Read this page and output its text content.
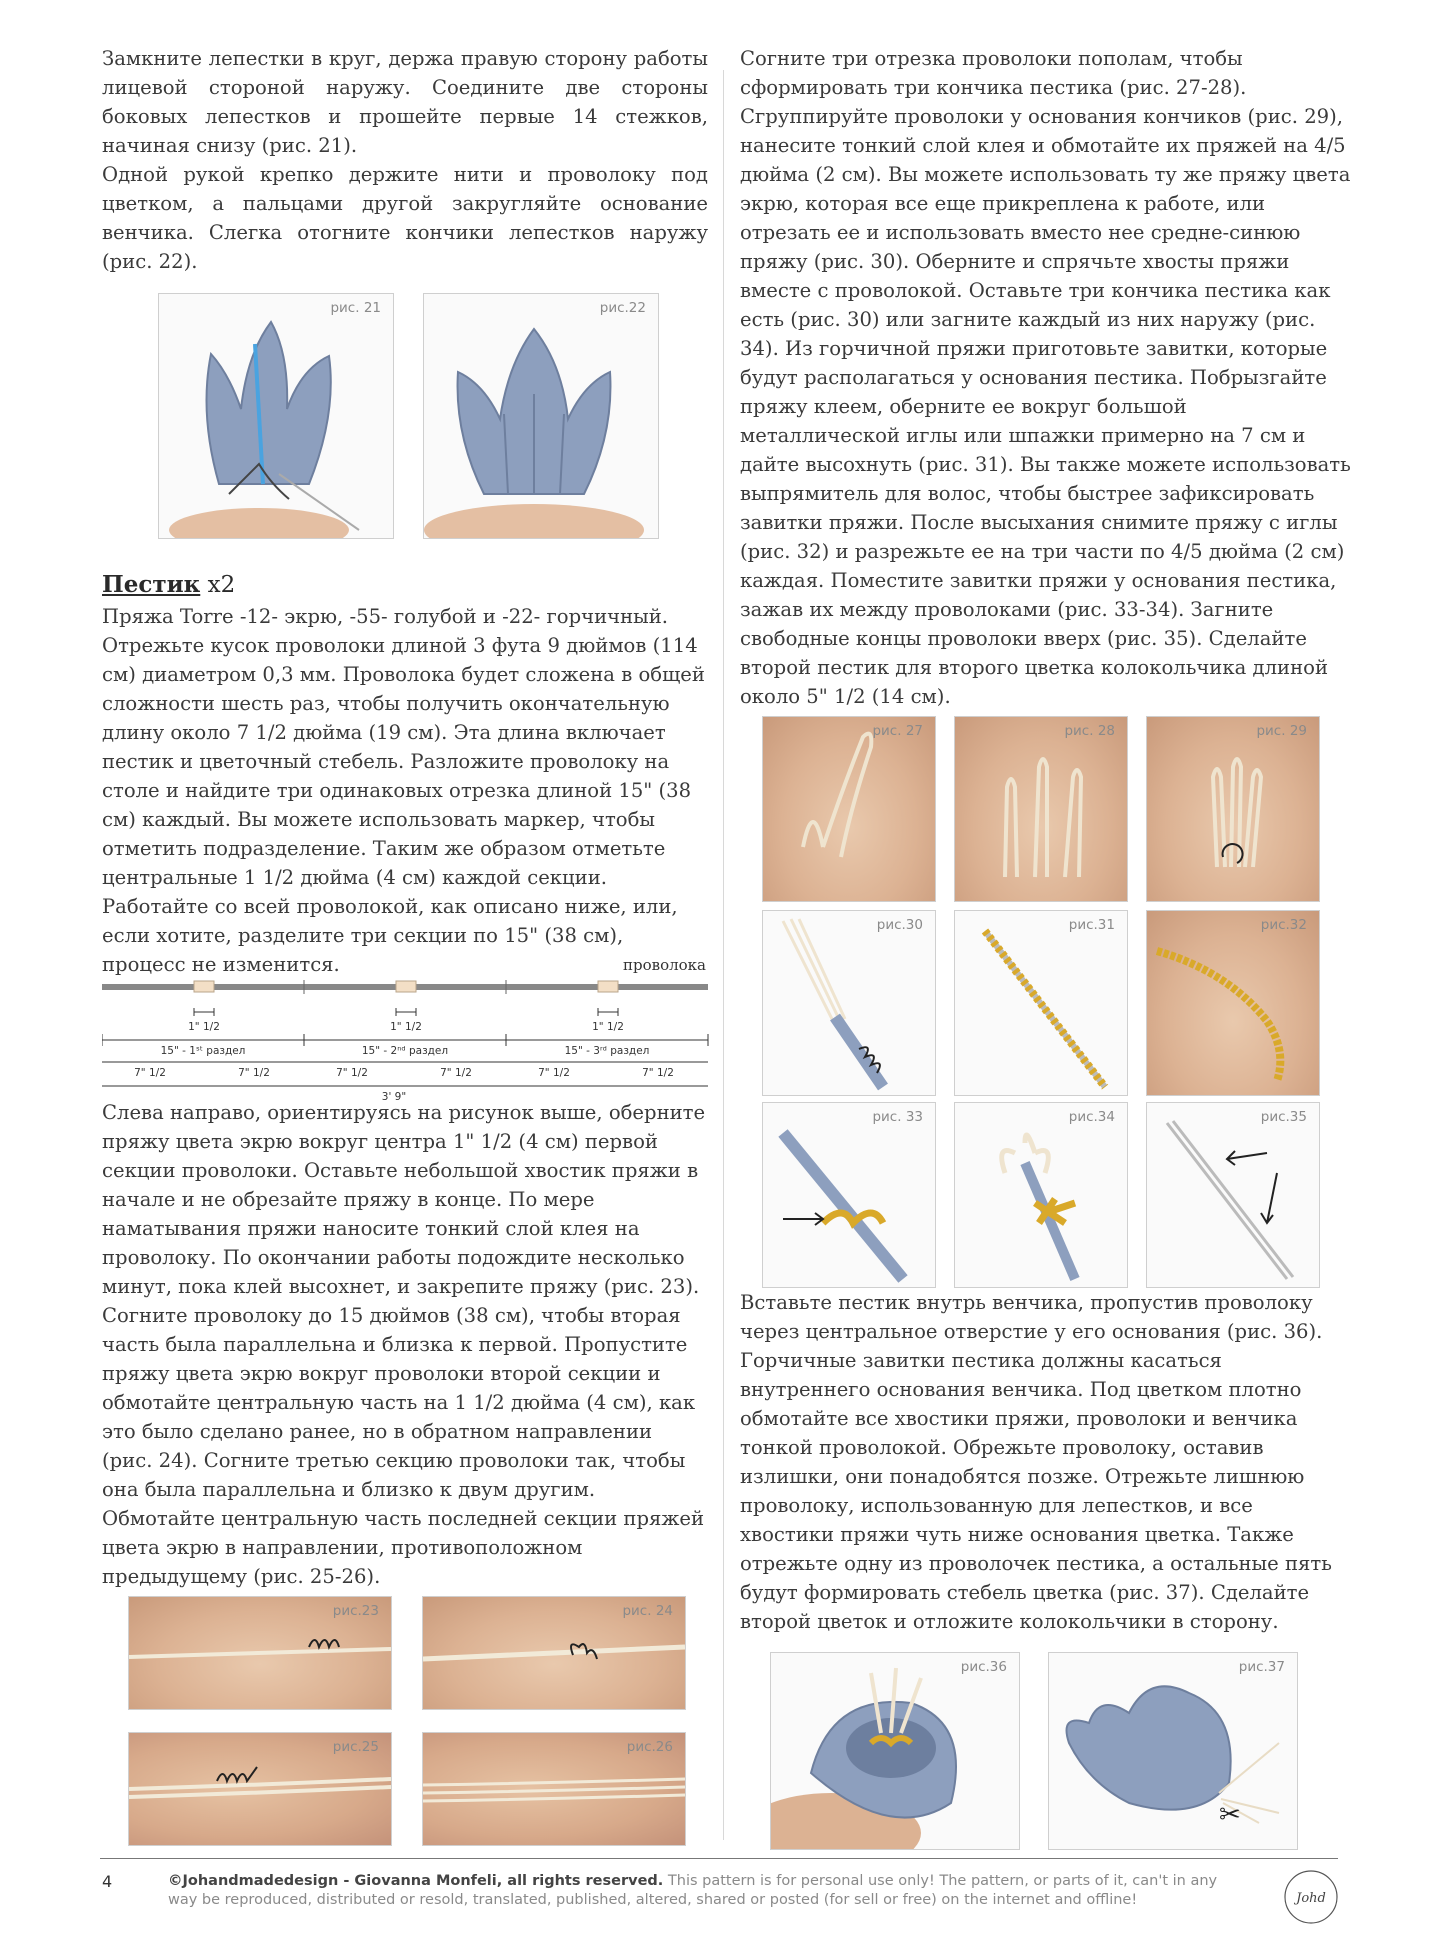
Замкните лепестки в круг, держа правую сторону работы лицевой стороной наружу. Соедините две стороны боковых лепестков и прошейте первые 14 стежков, начиная снизу (рис. 21).

Одной рукой крепко держите нити и проволоку под цветком, а пальцами другой закругляйте основание венчика. Слегка отогните кончики лепестков наружу (рис. 22).

рис. 21	рис.22
Пестик х2

Пряжа Torre -12- экрю, -55- голубой и -22- горчичный. Отрежьте кусок проволоки длиной 3 фута 9 дюймов (114 см) диаметром 0,3 мм. Проволока будет сложена в общей сложности шесть раз, чтобы получить окончательную длину около 7 1/2 дюйма (19 см). Эта длина включает пестик и цветочный стебель. Разложите проволоку на столе и найдите три одинаковых отрезка длиной 15" (38 см) каждый. Вы можете использовать маркер, чтобы отметить подразделение. Таким же образом отметьте центральные 1 1/2 дюйма (4 см) каждой секции. Работайте со всей проволокой, как описано ниже, или, если хотите, разделите три секции по 15" (38 см), процесс не изменится.	проволока
1" 1/2	1" 1/2	1" 1/2
15" - 1ˢᵗ раздел	15" - 2ⁿᵈ раздел	15" - 3ʳᵈ раздел
7" 1/2	7" 1/2	7" 1/2	7" 1/2	7" 1/2	7" 1/2
3' 9"

Слева направо, ориентируясь на рисунок выше, оберните пряжу цвета экрю вокруг центра 1" 1/2 (4 см) первой секции проволоки. Оставьте небольшой хвостик пряжи в начале и не обрезайте пряжу в конце. По мере наматывания пряжи наносите тонкий слой клея на проволоку. По окончании работы подождите несколько минут, пока клей высохнет, и закрепите пряжу (рис. 23). Согните проволоку до 15 дюймов (38 см), чтобы вторая часть была параллельна и близка к первой. Пропустите пряжу цвета экрю вокруг проволоки второй секции и обмотайте центральную часть на 1 1/2 дюйма (4 см), как это было сделано ранее, но в обратном направлении (рис. 24). Согните третью секцию проволоки так, чтобы она была параллельна и близко к двум другим. Обмотайте центральную часть последней секции пряжей цвета экрю в направлении, противоположном предыдущему (рис. 25-26).

рис.23	рис. 24
рис.25	рис.26

Согните три отрезка проволоки пополам, чтобы сформировать три кончика пестика (рис. 27-28). Сгруппируйте проволоки у основания кончиков (рис. 29), нанесите тонкий слой клея и обмотайте их пряжей на 4/5 дюйма (2 см). Вы можете использовать ту же пряжу цвета экрю, которая все еще прикреплена к работе, или отрезать ее и использовать вместо нее средне-синюю пряжу (рис. 30). Оберните и спрячьте хвосты пряжи вместе с проволокой. Оставьте три кончика пестика как есть (рис. 30) или загните каждый из них наружу (рис. 34). Из горчичной пряжи приготовьте завитки, которые будут располагаться у основания пестика. Побрызгайте пряжу клеем, оберните ее вокруг большой металлической иглы или шпажки примерно на 7 см и дайте высохнуть (рис. 31). Вы также можете использовать выпрямитель для волос, чтобы быстрее зафиксировать завитки пряжи. После высыхания снимите пряжу с иглы (рис. 32) и разрежьте ее на три части по 4/5 дюйма (2 см) каждая. Поместите завитки пряжи у основания пестика, зажав их между проволоками (рис. 33-34). Загните свободные концы проволоки вверх (рис. 35). Сделайте второй пестик для второго цветка колокольчика длиной около 5" 1/2 (14 см).

рис. 27	рис. 28	рис. 29
рис.30	рис.31	рис.32
рис. 33	рис.34	рис.35

Вставьте пестик внутрь венчика, пропустив проволоку через центральное отверстие у его основания (рис. 36). Горчичные завитки пестика должны касаться внутреннего основания венчика. Под цветком плотно обмотайте все хвостики пряжи, проволоки и венчика тонкой проволокой. Обрежьте проволоку, оставив излишки, они понадобятся позже. Отрежьте лишнюю проволоку, использованную для лепестков, и все хвостики пряжи чуть ниже основания цветка. Также отрежьте одну из проволочек пестика, а остальные пять будут формировать стебель цветка (рис. 37). Сделайте второй цветок и отложите колокольчики в сторону.

рис.36	рис.37
✂
4	©Johandmadedesign - Giovanna Monfeli, all rights reserved. This pattern is for personal use only! The pattern, or parts of it, can't in any way be reproduced, distributed or resold, translated, published, altered, shared or posted (for sell or free) on the internet and offline!	Johd
